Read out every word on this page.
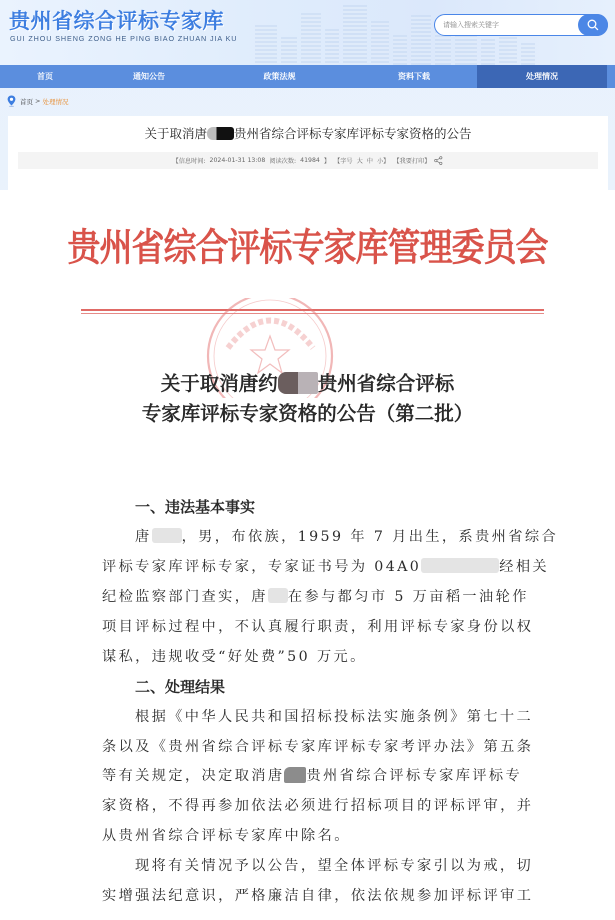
贵州省综合评标专家库
GUI ZHOU SHENG ZONG HE PING BIAO ZHUAN JIA KU
请输入搜索关键字
首页	通知公告	政策法规	资料下载	处理情况
首页 > 处理情况
关于取消唐 贵州省综合评标专家库评标专家资格的公告
【信息时间: 2024-01-31 13:08 阅读次数: 41984 】 【字号 大 中 小】 【我要打印】
贵州省综合评标专家库管理委员会
关于取消唐约 贵州省综合评标
专家库评标专家资格的公告（第二批）
一、违法基本事实
唐 ，男，布依族，1959 年 7 月出生，系贵州省综合
评标专家库评标专家，专家证书号为 04A0	经相关
纪检监察部门查实，唐 在参与都匀市 5 万亩稻一油轮作
项目评标过程中，不认真履行职责，利用评标专家身份以权
谋私，违规收受“好处费”50 万元。
二、处理结果
根据《中华人民共和国招标投标法实施条例》第七十二
条以及《贵州省综合评标专家库评标专家考评办法》第五条
等有关规定，决定取消唐 贵州省综合评标专家库评标专
家资格，不得再参加依法必须进行招标项目的评标评审，并
从贵州省综合评标专家库中除名。
现将有关情况予以公告，望全体评标专家引以为戒，切
实增强法纪意识，严格廉洁自律，依法依规参加评标评审工
